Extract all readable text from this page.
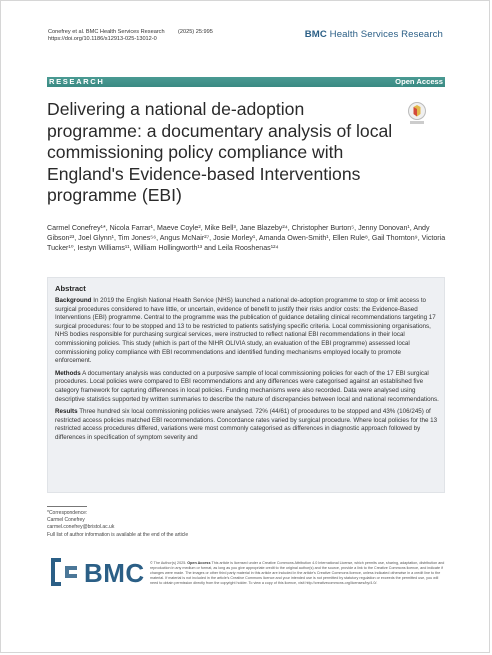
Conefrey et al. BMC Health Services Research (2025) 25:995
https://doi.org/10.1186/s12913-025-13012-0	BMC Health Services Research
RESEARCH	Open Access
Delivering a national de-adoption programme: a documentary analysis of local commissioning policy compliance with England's Evidence-based Interventions programme (EBI)
Carmel Conefrey¹*, Nicola Farrar¹, Maeve Coyle², Mike Bell³, Jane Blazeby²⁴, Christopher Burton⁵, Jenny Donovan¹, Andy Gibson²³, Joel Glynn¹, Tim Jones⁵⁶, Angus McNair²⁷, Josie Morley¹, Amanda Owen-Smith¹, Ellen Rule⁸, Gail Thornton⁹, Victoria Tucker¹⁰, Iestyn Williams¹¹, William Hollingworth¹³ and Leila Rooshenas¹²⁴
Abstract

Background In 2019 the English National Health Service (NHS) launched a national de-adoption programme to stop or limit access to surgical procedures considered to have little, or uncertain, evidence of benefit to justify their risks and/or costs: the Evidence-Based Interventions (EBI) programme. Central to the programme was the publication of guidance detailing clinical recommendations targeting 17 surgical procedures: four to be stopped and 13 to be restricted to patients satisfying specific criteria. Local commissioning organisations, NHS bodies responsible for purchasing surgical services, were instructed to reflect national EBI recommendations in their local commissioning policies. This study (which is part of the NIHR OLIVIA study, an evaluation of the EBI programme) assessed local commissioning policy compliance with EBI recommendations and identified funding mechanisms employed locally to promote enforcement.

Methods A documentary analysis was conducted on a purposive sample of local commissioning policies for each of the 17 EBI surgical procedures. Local policies were compared to EBI recommendations and any differences were categorised against an established five category framework for capturing differences in local policies. Funding mechanisms were also recorded. Data were analysed using descriptive statistics supported by written summaries to describe the nature of discrepancies between local and national recommendations.

Results Three hundred six local commissioning policies were analysed. 72% (44/61) of procedures to be stopped and 43% (106/245) of restricted access policies matched EBI recommendations. Concordance rates varied by surgical procedure. Where local policies for the 13 restricted access procedures differed, variations were most commonly categorised as differences in diagnostic approach followed by differences in specification of symptom severity and

*Correspondence:
Carmel Conefrey
carmel.conefrey@bristol.ac.uk
Full list of author information is available at the end of the article
BMC © The Author(s) 2025. Open Access This article is licensed under a Creative Commons Attribution 4.0 International License, which permits use, sharing, adaptation, distribution and reproduction in any medium or format, as long as you give appropriate credit to the original author(s) and the source, provide a link to the Creative Commons licence, and indicate if changes were made. The images or other third party material in this article are included in the article's Creative Commons licence, unless indicated otherwise in a credit line to the material. If material is not included in the article's Creative Commons licence and your intended use is not permitted by statutory regulation or exceeds the permitted use, you will need to obtain permission directly from the copyright holder. To view a copy of this licence, visit http://creativecommons.org/licenses/by/4.0/.
